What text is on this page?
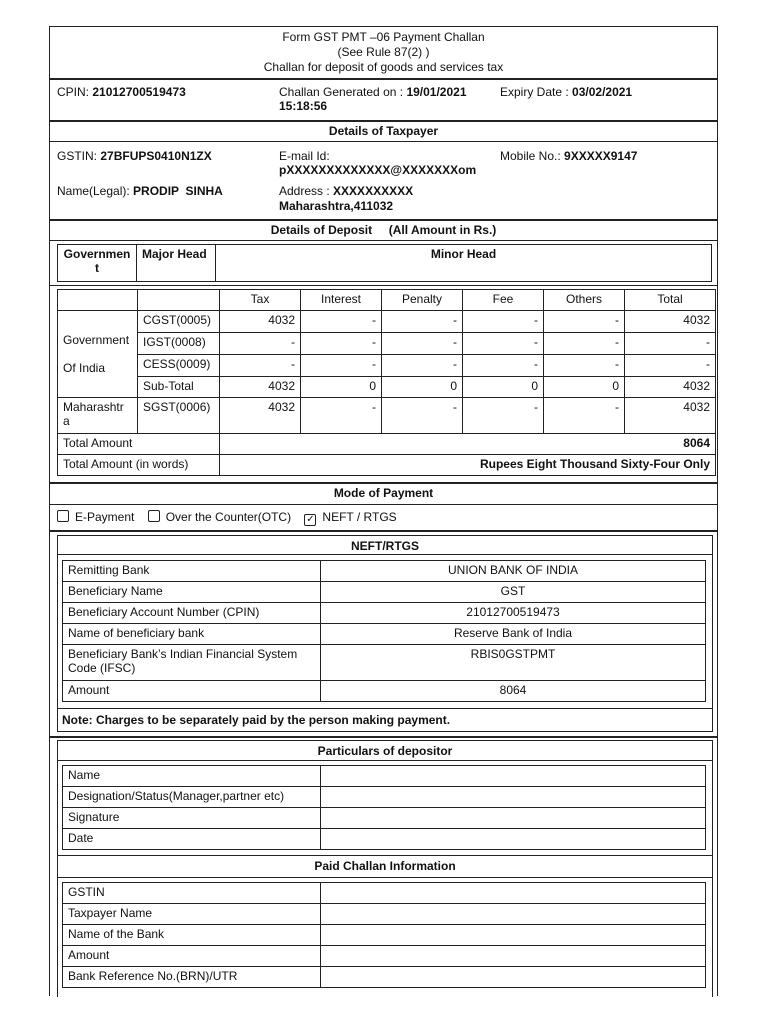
Form GST PMT –06 Payment Challan
(See Rule 87(2) )
Challan for deposit of goods and services tax
CPIN: 21012700519473	Challan Generated on : 19/01/2021
15:18:56
Expiry Date : 03/02/2021
Details of Taxpayer
GSTIN: 27BFUPS0410N1ZX	E-mail Id:
pXXXXXXXXXXXXX@XXXXXXXom
Mobile No.: 9XXXXX9147
Name(Legal): PRODIP  SINHA	Address : XXXXXXXXXX
Maharashtra,411032
Details of Deposit     (All Amount in Rs.)
Governmen t	Major Head	Minor Head
		Tax	Interest	Penalty	Fee	Others	Total

Government
Of India	CGST(0005)	4032	-	-	-	-	4032
	IGST(0008)	-	-	-	-	-	-
	CESS(0009)	-	-	-	-	-	-
	Sub-Total	4032	0	0	0	0	4032
Maharashtr a	SGST(0006)	4032	-	-	-	-	4032
Total Amount		8064					
Total Amount (in words)		Rupees Eight Thousand Sixty-Four Only					
Mode of Payment
E-Payment	Over the Counter(OTC) ✓ NEFT / RTGS
NEFT/RTGS
Remitting Bank	UNION BANK OF INDIA
Beneficiary Name	GST
Beneficiary Account Number (CPIN)	21012700519473
Name of beneficiary bank	Reserve Bank of India
Beneficiary Bank’s Indian Financial System Code (IFSC)	RBIS0GSTPMT
Amount	8064
Note: Charges to be separately paid by the person making payment.
Particulars of depositor
Name	
Designation/Status(Manager,partner etc)	
Signature	
Date	
Paid Challan Information
GSTIN	
Taxpayer Name	
Name of the Bank	
Amount	
Bank Reference No.(BRN)/UTR	
